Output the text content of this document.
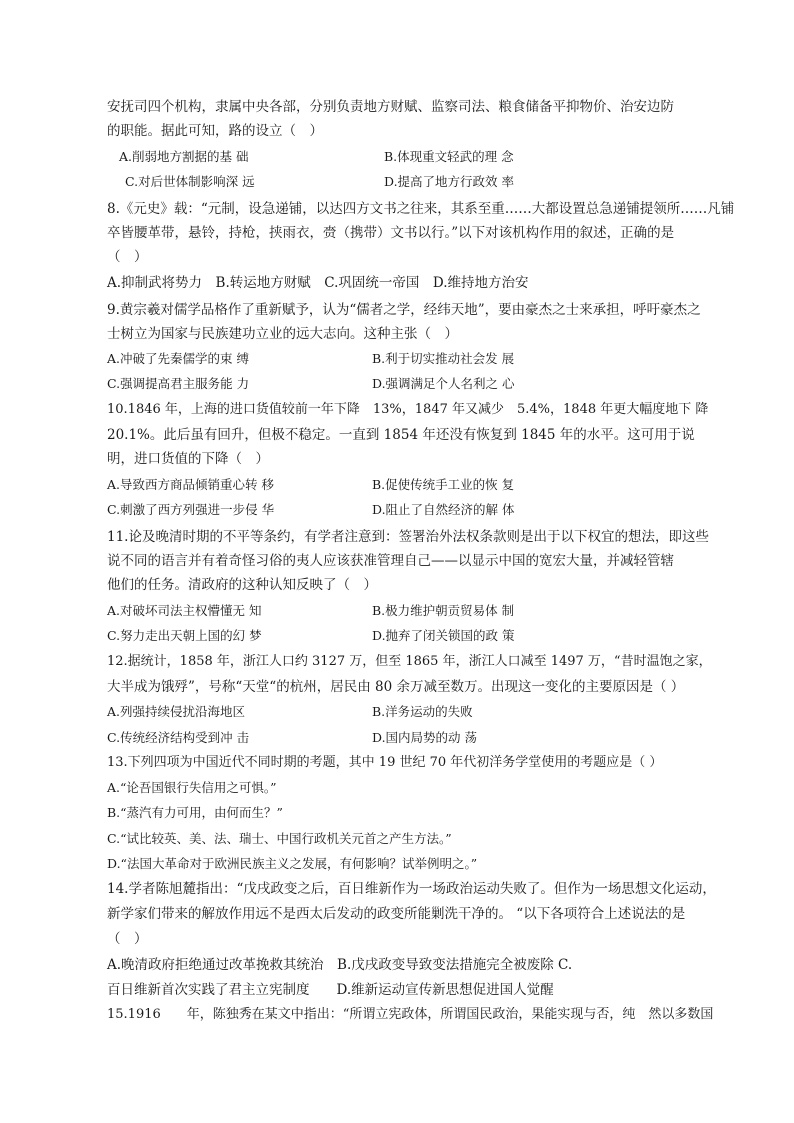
安抚司四个机构，隶属中央各部，分别负责地方财赋、监察司法、粮食储备平抑物价、治安边防
的职能。据此可知，路的设立（　）
A.削弱地方割据的基 础	B.体现重文轻武的理 念
C.对后世体制影响深 远	D.提高了地方行政效 率
8.《元史》载：“元制，设急递铺，以达四方文书之往来，其系至重……大都设置总急递铺提领所……凡铺
卒皆腰革带，悬铃，持枪，挟雨衣，赍（携带）文书以行。”以下对该机构作用的叙述，正确的是
（　）
A.抑制武将势力　B.转运地方财赋　C.巩固统一帝国　D.维持地方治安
9.黄宗羲对儒学品格作了重新赋予，认为“儒者之学，经纬天地”，要由豪杰之士来承担，呼吁豪杰之
士树立为国家与民族建功立业的远大志向。这种主张（　）
A.冲破了先秦儒学的束 缚	B.利于切实推动社会发 展
C.强调提高君主服务能 力	D.强调满足个人名利之 心
10.1846 年，上海的进口货值较前一年下降　13%，1847 年又减少　5.4%，1848 年更大幅度地下 降
20.1%。此后虽有回升，但极不稳定。一直到 1854 年还没有恢复到 1845 年的水平。这可用于说
明，进口货值的下降（　）
A.导致西方商品倾销重心转 移	B.促使传统手工业的恢 复
C.刺激了西方列强进一步侵 华	D.阻止了自然经济的解 体
11.论及晚清时期的不平等条约，有学者注意到：签署治外法权条款则是出于以下权宜的想法，即这些
说不同的语言并有着奇怪习俗的夷人应该获准管理自己——以显示中国的宽宏大量，并减轻管辖
他们的任务。清政府的这种认知反映了（　）
A.对破坏司法主权懵懂无 知	B.极力维护朝贡贸易体 制
C.努力走出天朝上国的幻 梦	D.抛弃了闭关锁国的政 策
12.据统计，1858 年，浙江人口约 3127 万，但至 1865 年，浙江人口减至 1497 万，“昔时温饱之家，
大半成为饿殍”，号称“天堂“的杭州，居民由 80 余万减至数万。出现这一变化的主要原因是（ ）
A.列强持续侵扰沿海地区	B.洋务运动的失败
C.传统经济结构受到冲 击	D.国内局势的动 荡
13.下列四项为中国近代不同时期的考题，其中 19 世纪 70 年代初洋务学堂使用的考题应是（ ）
A.“论吾国银行失信用之可惧。”
B.“蒸汽有力可用，由何而生？”
C.“试比较英、美、法、瑞士、中国行政机关元首之产生方法。”
D.“法国大革命对于欧洲民族主义之发展，有何影响？试举例明之。”
14.学者陈旭麓指出：“戊戌政变之后，百日维新作为一场政治运动失败了。但作为一场思想文化运动，
新学家们带来的解放作用远不是西太后发动的政变所能剿洗干净的。 “以下各项符合上述说法的是
（　）
A.晚清政府拒绝通过改革挽救其统治　B.戊戌政变导致变法措施完全被废除 C.
百日维新首次实践了君主立宪制度　　D.维新运动宣传新思想促进国人觉醒
15.1916　　年，陈独秀在某文中指出：“所谓立宪政体，所谓国民政治，果能实现与否，纯　然以多数国
